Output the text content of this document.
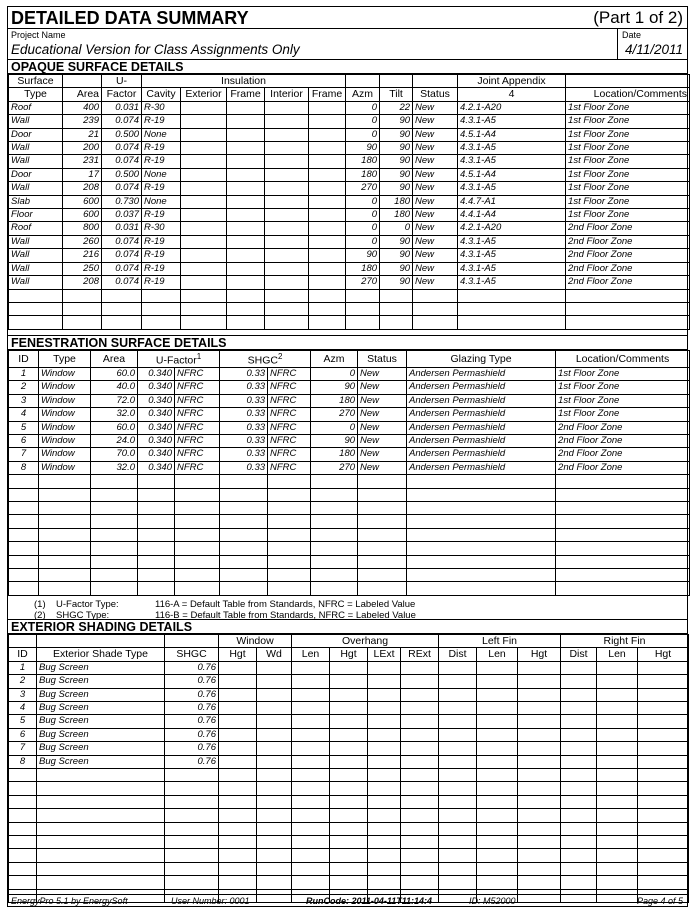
DETAILED DATA SUMMARY	(Part 1 of 2)
Project Name
Educational Version for Class Assignments Only
Date
4/11/2011
OPAQUE SURFACE DETAILS
Surface		U-	Insulation								Joint Appendix	
Type	Area	Factor	Cavity	Exterior	Frame	Interior	Frame	Azm	Tilt	Status	4	Location/Comments
Roof	400	0.031	R-30					0	22	New	4.2.1-A20	1st Floor Zone
Wall	239	0.074	R-19					0	90	New	4.3.1-A5	1st Floor Zone
Door	21	0.500	None					0	90	New	4.5.1-A4	1st Floor Zone
Wall	200	0.074	R-19					90	90	New	4.3.1-A5	1st Floor Zone
Wall	231	0.074	R-19					180	90	New	4.3.1-A5	1st Floor Zone
Door	17	0.500	None					180	90	New	4.5.1-A4	1st Floor Zone
Wall	208	0.074	R-19					270	90	New	4.3.1-A5	1st Floor Zone
Slab	600	0.730	None					0	180	New	4.4.7-A1	1st Floor Zone
Floor	600	0.037	R-19					0	180	New	4.4.1-A4	1st Floor Zone
Roof	800	0.031	R-30					0	0	New	4.2.1-A20	2nd Floor Zone
Wall	260	0.074	R-19					0	90	New	4.3.1-A5	2nd Floor Zone
Wall	216	0.074	R-19					90	90	New	4.3.1-A5	2nd Floor Zone
Wall	250	0.074	R-19					180	90	New	4.3.1-A5	2nd Floor Zone
Wall	208	0.074	R-19					270	90	New	4.3.1-A5	2nd Floor Zone

FENESTRATION SURFACE DETAILS
ID	Type	Area	U-Factor$^1$		SHGC$^2$		Azm	Status	Glazing Type	Location/Comments
1	Window	60.0	0.340	NFRC	0.33	NFRC	0	New	Andersen Permashield	1st Floor Zone
2	Window	40.0	0.340	NFRC	0.33	NFRC	90	New	Andersen Permashield	1st Floor Zone
3	Window	72.0	0.340	NFRC	0.33	NFRC	180	New	Andersen Permashield	1st Floor Zone
4	Window	32.0	0.340	NFRC	0.33	NFRC	270	New	Andersen Permashield	1st Floor Zone
5	Window	60.0	0.340	NFRC	0.33	NFRC	0	New	Andersen Permashield	2nd Floor Zone
6	Window	24.0	0.340	NFRC	0.33	NFRC	90	New	Andersen Permashield	2nd Floor Zone
7	Window	70.0	0.340	NFRC	0.33	NFRC	180	New	Andersen Permashield	2nd Floor Zone
8	Window	32.0	0.340	NFRC	0.33	NFRC	270	New	Andersen Permashield	2nd Floor Zone

(1) U-Factor Type:	116-A = Default Table from Standards, NFRC = Labeled Value
(2) SHGC Type:	116-B = Default Table from Standards, NFRC = Labeled Value
EXTERIOR SHADING DETAILS
			Window		Overhang				Left Fin			Right Fin		
ID	Exterior Shade Type	SHGC	Hgt	Wd	Len	Hgt	LExt	RExt	Dist	Len	Hgt	Dist	Len	Hgt
1	Bug Screen	0.76												
2	Bug Screen	0.76												
3	Bug Screen	0.76												
4	Bug Screen	0.76												
5	Bug Screen	0.76												
6	Bug Screen	0.76												
7	Bug Screen	0.76												
8	Bug Screen	0.76												

EnergyPro 5.1 by EnergySoft	User Number: 0001	RunCode: 2011-04-11T11:14:4	ID: M52000	Page 4 of 5
